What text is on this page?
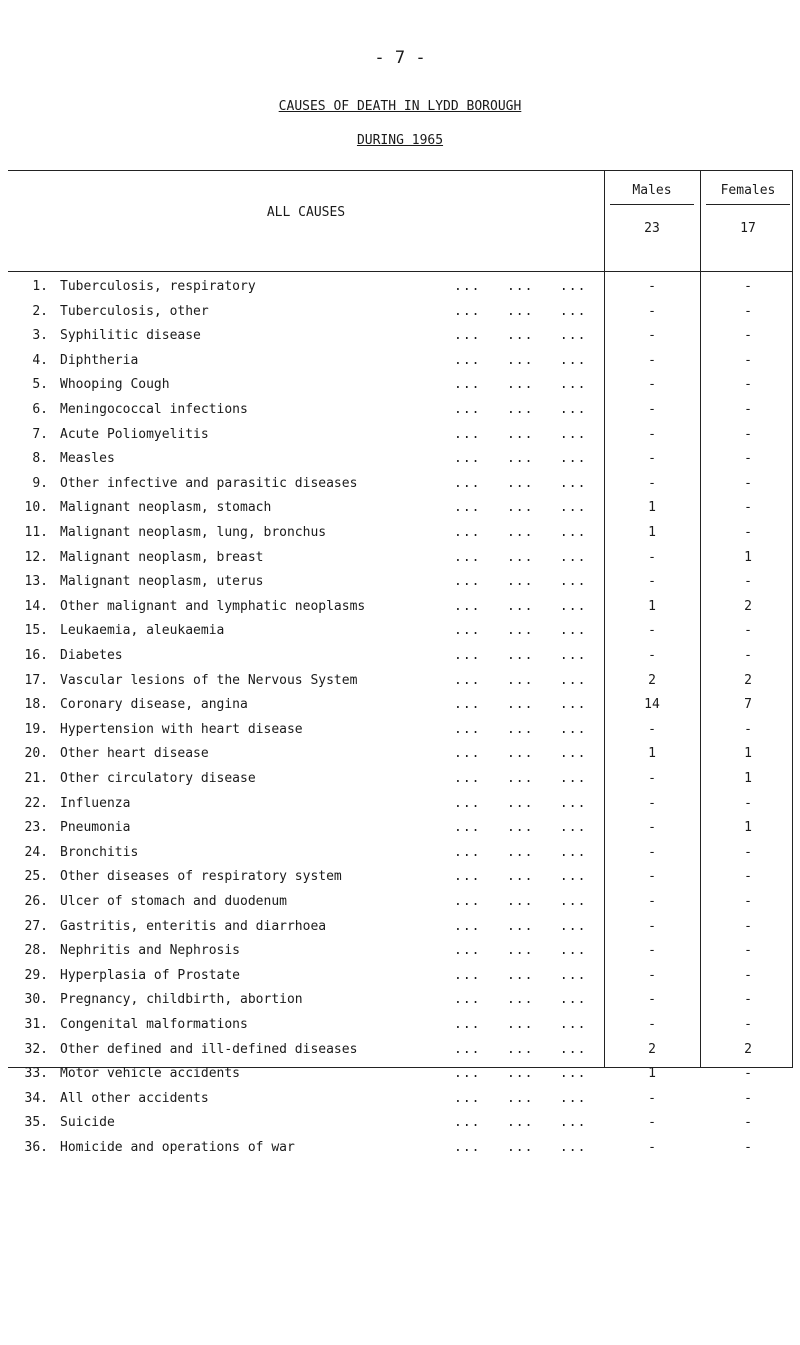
- 7 -
CAUSES OF DEATH IN LYDD BOROUGH
DURING 1965
ALL CAUSES
Males
23
Females
17
1. Tuberculosis, respiratory	...   ...   ...	-	-
2. Tuberculosis, other	...   ...   ...	-	-
3. Syphilitic disease	...   ...   ...	-	-
4. Diphtheria	...   ...   ...	-	-
5. Whooping Cough	...   ...   ...	-	-
6. Meningococcal infections	...   ...   ...	-	-
7. Acute Poliomyelitis	...   ...   ...	-	-
8. Measles	...   ...   ...	-	-
9. Other infective and parasitic diseases	...   ...   ...	-	-
10. Malignant neoplasm, stomach	...   ...   ...	1	-
11. Malignant neoplasm, lung, bronchus	...   ...   ...	1	-
12. Malignant neoplasm, breast	...   ...   ...	-	1
13. Malignant neoplasm, uterus	...   ...   ...	-	-
14. Other malignant and lymphatic neoplasms	...   ...   ...	1	2
15. Leukaemia, aleukaemia	...   ...   ...	-	-
16. Diabetes	...   ...   ...	-	-
17. Vascular lesions of the Nervous System	...   ...   ...	2	2
18. Coronary disease, angina	...   ...   ...	14	7
19. Hypertension with heart disease	...   ...   ...	-	-
20. Other heart disease	...   ...   ...	1	1
21. Other circulatory disease	...   ...   ...	-	1
22. Influenza	...   ...   ...	-	-
23. Pneumonia	...   ...   ...	-	1
24. Bronchitis	...   ...   ...	-	-
25. Other diseases of respiratory system	...   ...   ...	-	-
26. Ulcer of stomach and duodenum	...   ...   ...	-	-
27. Gastritis, enteritis and diarrhoea	...   ...   ...	-	-
28. Nephritis and Nephrosis	...   ...   ...	-	-
29. Hyperplasia of Prostate	...   ...   ...	-	-
30. Pregnancy, childbirth, abortion	...   ...   ...	-	-
31. Congenital malformations	...   ...   ...	-	-
32. Other defined and ill-defined diseases	...   ...   ...	2	2
33. Motor vehicle accidents	...   ...   ...	1	-
34. All other accidents	...   ...   ...	-	-
35. Suicide	...   ...   ...	-	-
36. Homicide and operations of war	...   ...   ...	-	-
